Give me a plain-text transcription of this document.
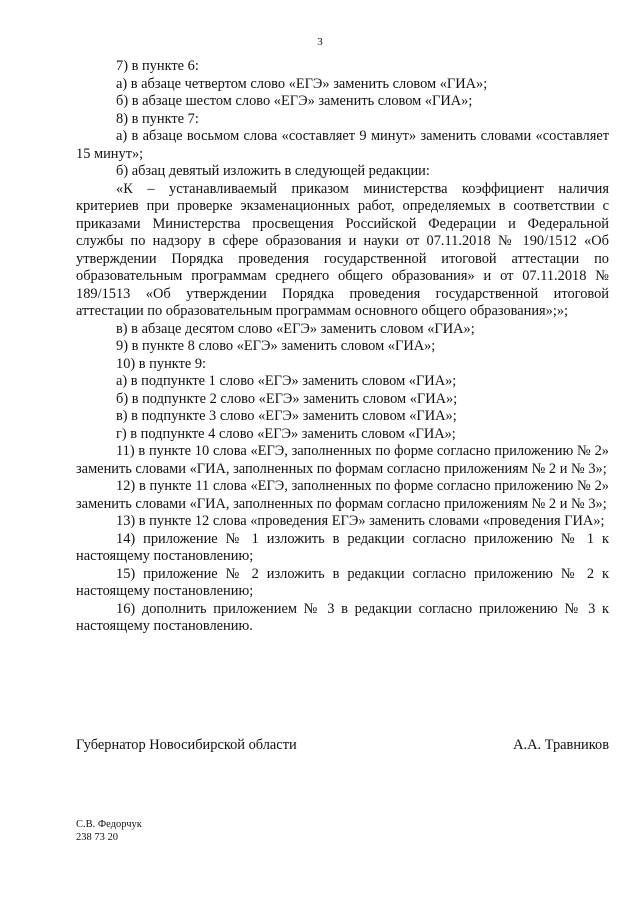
3

7) в пункте 6:

а) в абзаце четвертом слово «ЕГЭ» заменить словом «ГИА»;

б) в абзаце шестом слово «ЕГЭ» заменить словом «ГИА»;

8) в пункте 7:

а) в абзаце восьмом слова «составляет 9 минут» заменить словами «составляет 15 минут»;

б) абзац девятый изложить в следующей редакции:

«К – устанавливаемый приказом министерства коэффициент наличия критериев при проверке экзаменационных работ, определяемых в соответствии с приказами Министерства просвещения Российской Федерации и Федеральной службы по надзору в сфере образования и науки от 07.11.2018 № 190/1512 «Об утверждении Порядка проведения государственной итоговой аттестации по образовательным программам среднего общего образования» и от 07.11.2018 № 189/1513 «Об утверждении Порядка проведения государственной итоговой аттестации по образовательным программам основного общего образования»;»;

в) в абзаце десятом слово «ЕГЭ» заменить словом «ГИА»;

9) в пункте 8 слово «ЕГЭ» заменить словом «ГИА»;

10) в пункте 9:

а) в подпункте 1 слово «ЕГЭ» заменить словом «ГИА»;

б) в подпункте 2 слово «ЕГЭ» заменить словом «ГИА»;

в) в подпункте 3 слово «ЕГЭ» заменить словом «ГИА»;

г) в подпункте 4 слово «ЕГЭ» заменить словом «ГИА»;

11) в пункте 10 слова «ЕГЭ, заполненных по форме согласно приложению № 2» заменить словами «ГИА, заполненных по формам согласно приложениям № 2 и № 3»;

12) в пункте 11 слова «ЕГЭ, заполненных по форме согласно приложению № 2» заменить словами «ГИА, заполненных по формам согласно приложениям № 2 и № 3»;

13) в пункте 12 слова «проведения ЕГЭ» заменить словами «проведения ГИА»;

14) приложение № 1 изложить в редакции согласно приложению № 1 к настоящему постановлению;

15) приложение № 2 изложить в редакции согласно приложению № 2 к настоящему постановлению;

16) дополнить приложением № 3 в редакции согласно приложению № 3 к настоящему постановлению.

Губернатор Новосибирской области	А.А. Травников
С.В. Федорчук
238 73 20
